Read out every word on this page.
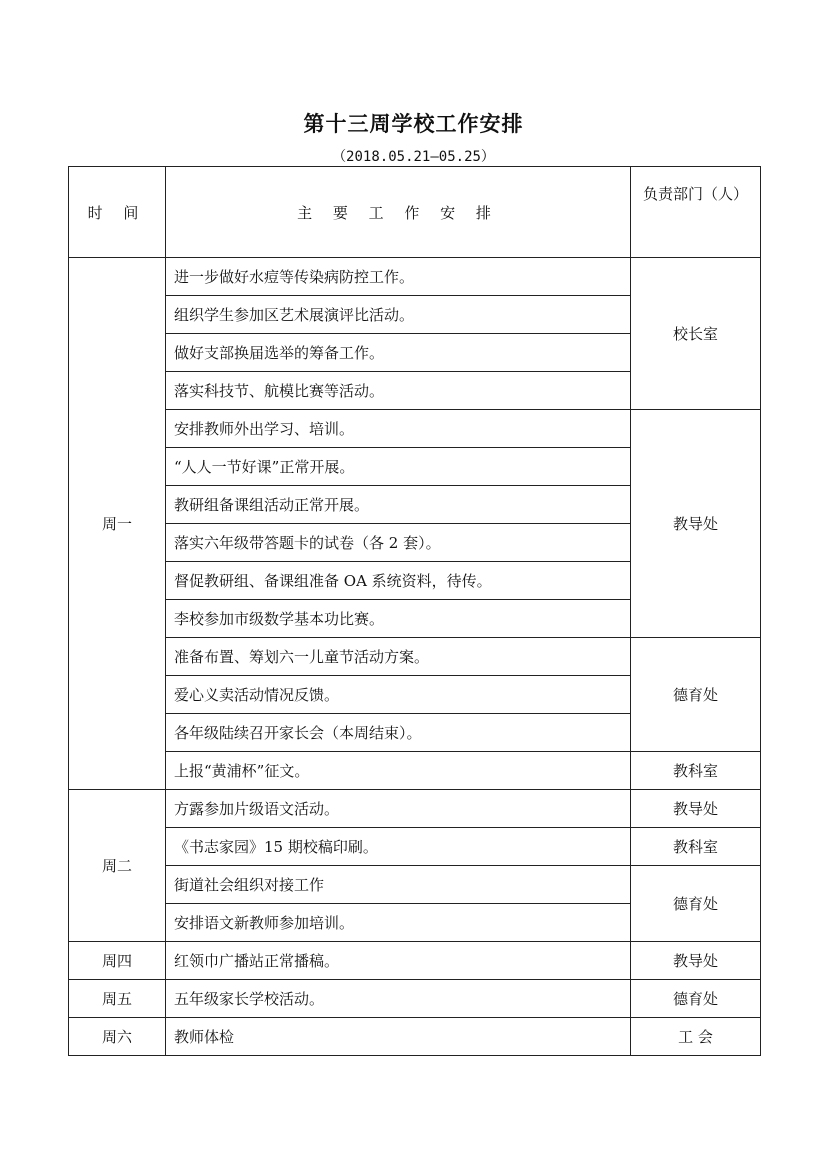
第十三周学校工作安排
（2018.05.21—05.25）
时 间	主 要 工 作 安 排	负责部门（人）
周一	进一步做好水痘等传染病防控工作。	校长室
	组织学生参加区艺术展演评比活动。	
	做好支部换届选举的筹备工作。	
	落实科技节、航模比赛等活动。	
	安排教师外出学习、培训。	教导处
	“人人一节好课”正常开展。	
	教研组备课组活动正常开展。	
	落实六年级带答题卡的试卷（各 2 套）。	
	督促教研组、备课组准备 OA 系统资料，待传。	
	李校参加市级数学基本功比赛。	
	准备布置、筹划六一儿童节活动方案。	德育处
	爱心义卖活动情况反馈。	
	各年级陆续召开家长会（本周结束）。	
	上报“黄浦杯”征文。	教科室
周二	方露参加片级语文活动。	教导处
	《书志家园》15 期校稿印刷。	教科室
	街道社会组织对接工作	德育处
	安排语文新教师参加培训。	
周四	红领巾广播站正常播稿。	教导处
周五	五年级家长学校活动。	德育处
周六	教师体检	工 会
